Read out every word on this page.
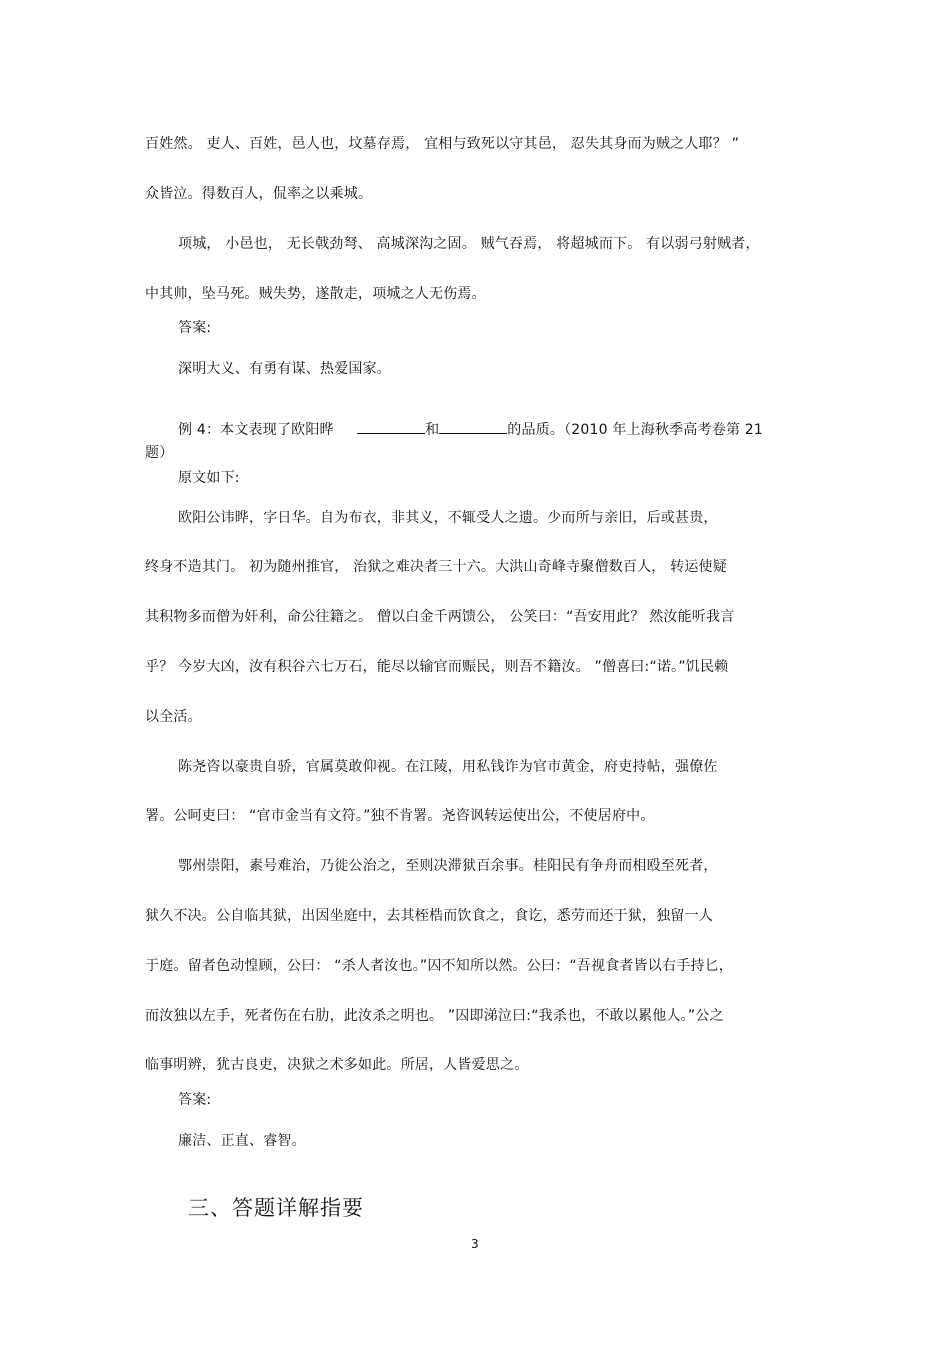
百姓然。 吏人、百姓，邑人也，坟墓存焉， 宜相与致死以守其邑， 忍失其身而为贼之人耶？ ”
众皆泣。得数百人，侃率之以乘城。
项城， 小邑也， 无长戟劲弩、 高城深沟之固。 贼气吞焉， 将超城而下。 有以弱弓射贼者，
中其帅，坠马死。贼失势，遂散走，项城之人无伤焉。
答案:
深明大义、有勇有谋、热爱国家。
例 4：本文表现了欧阳晔	和	的品质。（2010 年上海秋季高考卷第 21
题）
原文如下:
欧阳公讳晔，字日华。自为布衣，非其义，不辄受人之遗。少而所与亲旧，后或甚贵，
终身不造其门。 初为随州推官， 治狱之难决者三十六。大洪山奇峰寺聚僧数百人， 转运使疑
其积物多而僧为奸利，命公往籍之。 僧以白金千两馈公， 公笑曰：“吾安用此？ 然汝能听我言
乎？ 今岁大凶，汝有积谷六七万石，能尽以输官而赈民，则吾不籍汝。 ”僧喜曰:“诺。”饥民赖
以全活。
陈尧咨以豪贵自骄，官属莫敢仰视。在江陵，用私钱诈为官市黄金，府吏持帖，强僚佐
署。公呵吏曰： “官市金当有文符。”独不肯署。尧咨讽转运使出公，不使居府中。
鄂州崇阳，素号难治，乃徙公治之，至则决滞狱百余事。桂阳民有争舟而相殴至死者，
狱久不决。公自临其狱，出因坐庭中，去其桎梏而饮食之，食讫，悉劳而还于狱，独留一人
于庭。留者色动惶顾，公曰： “杀人者汝也。”囚不知所以然。公曰：“吾视食者皆以右手持匕，
而汝独以左手，死者伤在右肋，此汝杀之明也。 ”囚即涕泣曰:“我杀也，不敢以累他人。”公之
临事明辨，犹古良吏，决狱之术多如此。所居，人皆爱思之。
答案:
廉洁、正直、睿智。
三、答题详解指要
3
